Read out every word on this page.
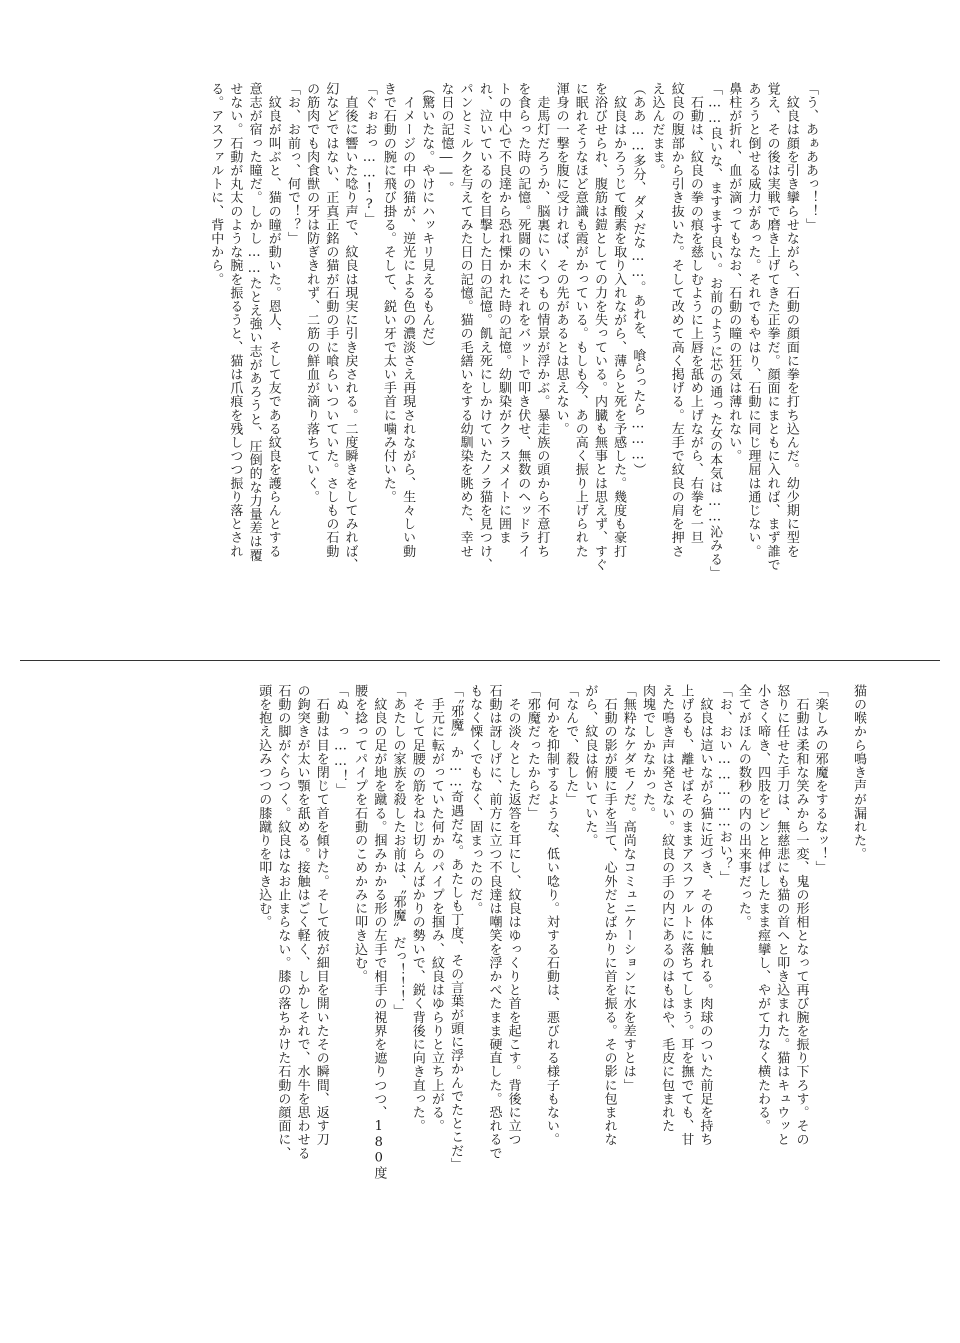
「う、あぁああっ！！」
　紋良は顔を引き攣らせながら、石動の顔面に拳を打ち込んだ。幼少期に型を
覚え、その後は実戦で磨き上げてきた正拳だ。顔面にまともに入れば、まず誰で
あろうと倒せる威力があった。それでもやはり、石動に同じ理屈は通じない。
鼻柱が折れ、血が滴ってもなお、石動の瞳の狂気は薄れない。
「……良いな、ますます良い。お前のように芯の通った女の本気は……沁みる」
　石動は、紋良の拳の痕を慈しむように上唇を舐め上げながら、右拳を一旦
紋良の腹部から引き抜いた。そして改めて高く掲げる。左手で紋良の肩を押さ
え込んだまま。
（ああ……多分、ダメだな……。あれを、喰らったら………）
　紋良はかろうじて酸素を取り入れながら、薄らと死を予感した。幾度も豪打
を浴びせられ、腹筋は鎧としての力を失っている。内臓も無事とは思えず、すぐ
に眠れそうなほど意識も霞がかっている。もしも今、あの高く振り上げられた
渾身の一撃を腹に受ければ、その先があるとは思えない。
　走馬灯だろうか、脳裏にいくつもの情景が浮かぶ。暴走族の頭から不意打ち
を食らった時の記憶。死闘の末にそれをバットで叩き伏せ、無数のヘッドライ
トの中心で不良達から恐れ慄かれた時の記憶。幼馴染がクラスメイトに囲ま
れ、泣いているのを目撃した日の記憶。飢え死にしかけていたノラ猫を見つけ、
パンとミルクを与えてみた日の記憶。猫の毛繕いをする幼馴染を眺めた、幸せ
な日の記憶――。
（驚いたな。やけにハッキリ見えるもんだ）
　イメージの中の猫が、逆光による色の濃淡さえ再現されながら、生々しい動
きで石動の腕に飛び掛る。そして、鋭い牙で太い手首に噛み付いた。
「ぐぉおっ……!?」
　直後に響いた唸り声で、紋良は現実に引き戻される。二度瞬きをしてみれば、
幻などではない、正真正銘の猫が石動の手に喰らいついていた。さしもの石動
の筋肉でも肉食獣の牙は防ぎきれず、二筋の鮮血が滴り落ちていく。
「お、お前っ、何で！？」
　紋良が叫ぶと、猫の瞳が動いた。恩人、そして友である紋良を護らんとする
意志が宿った瞳だ。しかし……たとえ強い志があろうと、圧倒的な力量差は覆
せない。石動が丸太のような腕を振るうと、猫は爪痕を残しつつ振り落とされ
る。アスファルトに、背中から。
猫の喉から鳴き声が漏れた。
「楽しみの邪魔をするなッ！」
　石動は柔和な笑みから一変、鬼の形相となって再び腕を振り下ろす。その
怒りに任せた手刀は、無慈悲にも猫の首へと叩き込まれた。猫はキュウッと
小さく啼き、四肢をピンと伸ばしたまま痙攣し、やがて力なく横たわる。
全てがほんの数秒の内の出来事だった。
「お、おい……………おい？」
　紋良は這いながら猫に近づき、その体に触れる。肉球のついた前足を持ち
上げるも、離せばそのままアスファルトに落ちてしまう。耳を撫でても、甘
えた鳴き声は発さない。紋良の手の内にあるのはもはや、毛皮に包まれた
肉塊でしかなかった。
「無粋なケダモノだ。高尚なコミュニケーションに水を差すとは」
　石動の影が腰に手を当て、心外だとばかりに首を振る。その影に包まれな
がら、紋良は俯いていた。
「なんで、殺した」
　何かを抑制するような、低い唸り。対する石動は、悪びれる様子もない。
「邪魔だったからだ」
　その淡々とした返答を耳にし、紋良はゆっくりと首を起こす。背後に立つ
石動は訝しげに、前方に立つ不良達は嘲笑を浮かべたまま硬直した。恐れるで
もなく慄くでもなく、固まったのだ。
「〝邪魔〟か……奇遇だな。あたしも丁度、その言葉が頭に浮かんでたとこだ」
　手元に転がっていた何かのパイプを掴み、紋良はゆらりと立ち上がる。
　そして足腰の筋をねじ切らんばかりの勢いで、鋭く背後に向き直った。
「あたしの家族を殺したお前は、〝邪魔〟だっ！！！」
　紋良の足が地を蹴る。掴みかかる形の左手で相手の視界を遮りつつ、180度
腰を捻ってパイプを石動のこめかみに叩き込む。
「ぬ、っ……！」
　石動は目を閉じて首を傾けた。そして彼が細目を開いたその瞬間、返す刀
の鉤突きが太い顎を舐める。接触はごく軽く、しかしそれで、水牛を思わせる
石動の脚がぐらつく。紋良はなお止まらない。膝の落ちかけた石動の顔面に、
頭を抱え込みつつの膝蹴りを叩き込む。
